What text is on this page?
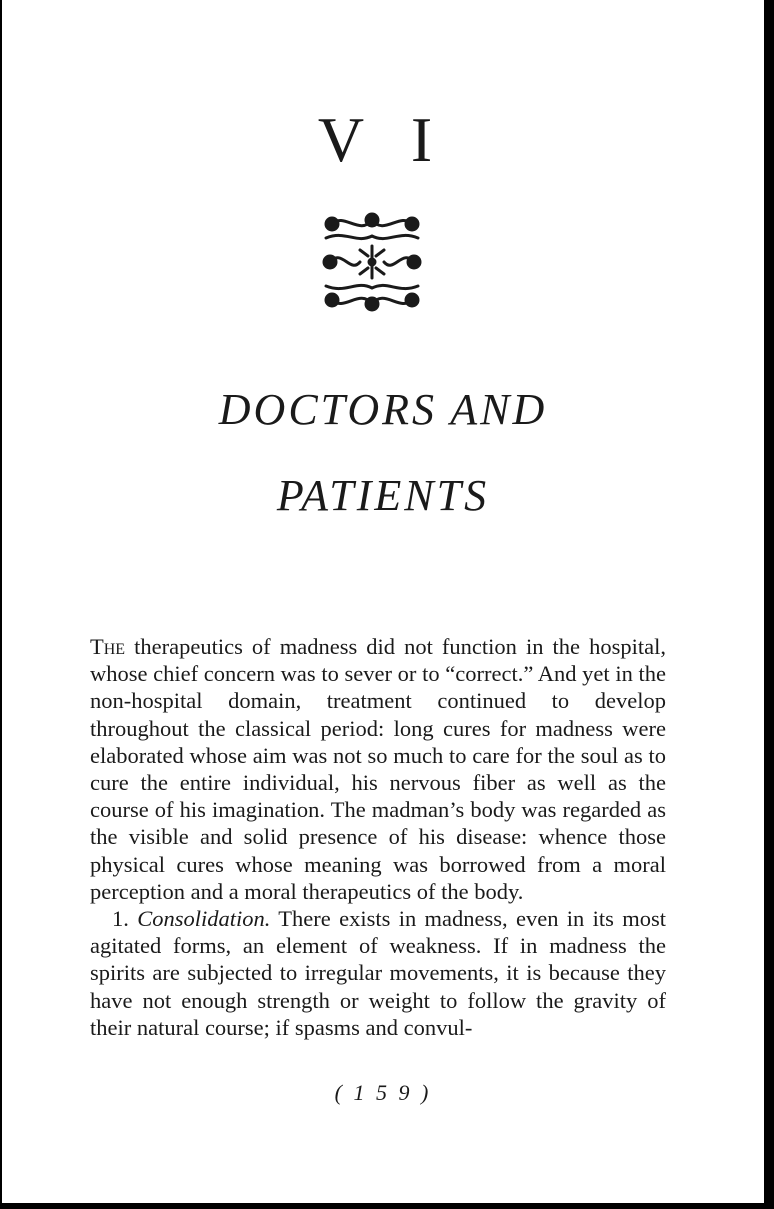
V I
DOCTORS AND
PATIENTS

The therapeutics of madness did not function in the hospital, whose chief concern was to sever or to “correct.” And yet in the non-hospital domain, treatment continued to develop throughout the classical period: long cures for madness were elaborated whose aim was not so much to care for the soul as to cure the entire individual, his nervous fiber as well as the course of his imagination. The madman’s body was regarded as the visible and solid presence of his disease: whence those physical cures whose meaning was borrowed from a moral perception and a moral therapeutics of the body.

1. Consolidation. There exists in madness, even in its most agitated forms, an element of weakness. If in madness the spirits are subjected to irregular movements, it is because they have not enough strength or weight to follow the gravity of their natural course; if spasms and convul-

( 1 5 9 )
